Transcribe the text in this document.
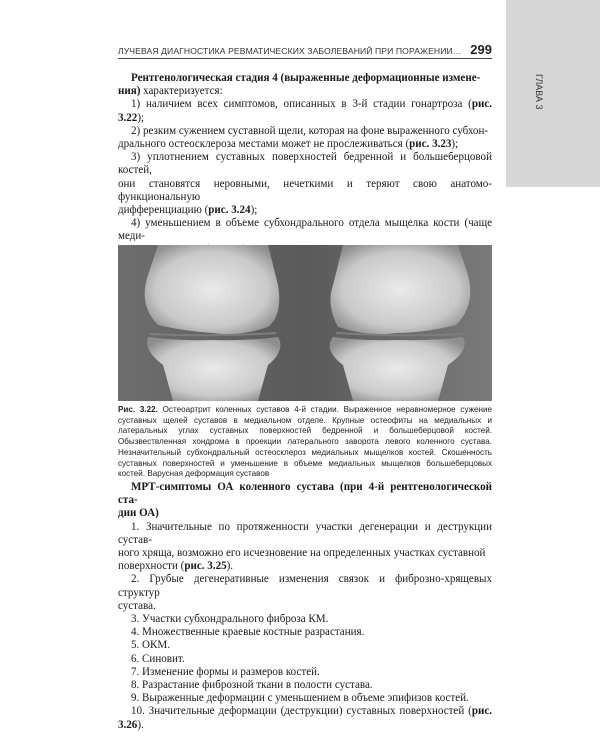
ЛУЧЕВАЯ ДИАГНОСТИКА РЕВМАТИЧЕСКИХ ЗАБОЛЕВАНИЙ ПРИ ПОРАЖЕНИИ… 299
ГЛАВА 3

Рентгенологическая стадия 4 (выраженные деформационные измене-
ния) характеризуется:

1) наличием всех симптомов, описанных в 3-й стадии гонартроза (рис. 3.22);

2) резким сужением суставной щели, которая на фоне выраженного субхон-
дрального остеосклероза местами может не прослеживаться (рис. 3.23);

3) уплотнением суставных поверхностей бедренной и большеберцовой костей,
они становятся неровными, нечеткими и теряют свою анатомо-функциональную
дифференциацию (рис. 3.24);

4) уменьшением в объеме субхондрального отдела мыщелка кости (чаще меди-

Рис. 3.22. Остеоартрит коленных суставов 4-й стадии. Выраженное неравномерное сужение суставных щелей суставов в медиальном отделе. Крупные остеофиты на медиальных и латеральных углах суставных поверхностей бедренной и большеберцовой костей. Обызвествленная хондрома в проекции латерального заворота левого коленного сустава. Незначительный субхондральный остеосклероз медиальных мыщелков костей. Скошенность суставных поверхностей и уменьшение в объеме медиальных мыщелков большеберцовых костей. Варусная деформация суставов

МРТ-симптомы ОА коленного сустава (при 4-й рентгенологической ста-
дии ОА)

1. Значительные по протяженности участки дегенерации и деструкции сустав-
ного хряща, возможно его исчезновение на определенных участках суставной
поверхности (рис. 3.25).

2. Грубые дегенеративные изменения связок и фиброзно-хрящевых структур
сустава.

3. Участки субхондрального фиброза КМ.

4. Множественные краевые костные разрастания.

5. ОКМ.

6. Синовит.

7. Изменение формы и размеров костей.

8. Разрастание фиброзной ткани в полости сустава.

9. Выраженные деформации с уменьшением в объеме эпифизов костей.

10. Значительные деформации (деструкции) суставных поверхностей (рис. 3.26).
